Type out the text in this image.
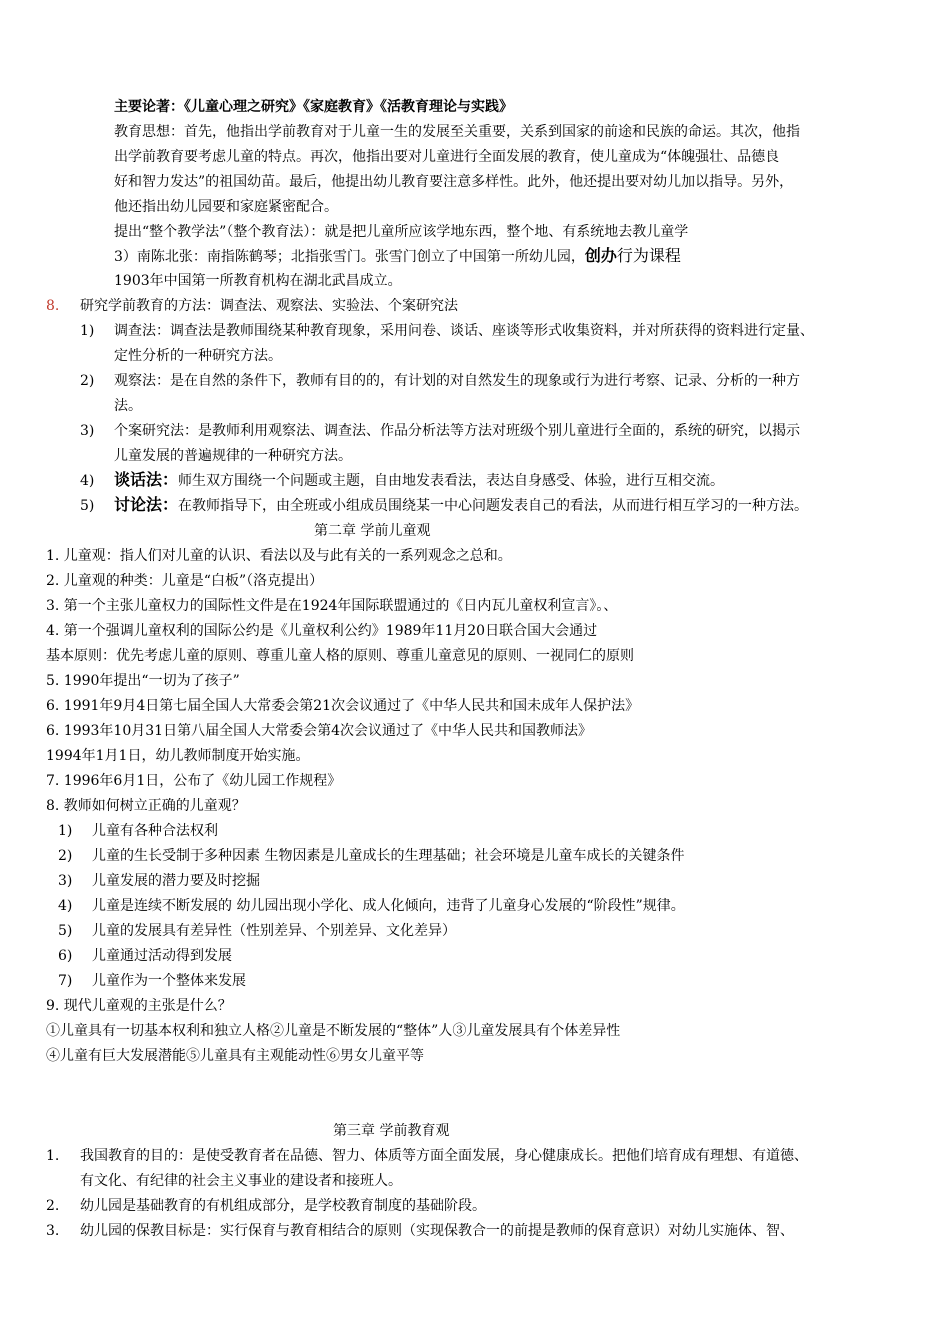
主要论著：《儿童心理之研究》《家庭教育》《活教育理论与实践》
教育思想：首先，他指出学前教育对于儿童一生的发展至关重要，关系到国家的前途和民族的命运。其次，他指
出学前教育要考虑儿童的特点。再次，他指出要对儿童进行全面发展的教育，使儿童成为“体魄强壮、品德良
好和智力发达”的祖国幼苗。最后，他提出幼儿教育要注意多样性。此外，他还提出要对幼儿加以指导。另外，
他还指出幼儿园要和家庭紧密配合。
提出“整个教学法”（整个教育法）：就是把儿童所应该学地东西，整个地、有系统地去教儿童学
3）南陈北张：南指陈鹤琴；北指张雪门。张雪门创立了中国第一所幼儿园，创办行为课程
1903年中国第一所教育机构在湖北武昌成立。
8. 研究学前教育的方法：调查法、观察法、实验法、个案研究法
1) 调查法：调查法是教师围绕某种教育现象，采用问卷、谈话、座谈等形式收集资料，并对所获得的资料进行定量、
定性分析的一种研究方法。
2) 观察法：是在自然的条件下，教师有目的的，有计划的对自然发生的现象或行为进行考察、记录、分析的一种方
法。
3) 个案研究法：是教师利用观察法、调查法、作品分析法等方法对班级个别儿童进行全面的，系统的研究，以揭示
儿童发展的普遍规律的一种研究方法。
4) 谈话法：师生双方围绕一个问题或主题，自由地发表看法，表达自身感受、体验，进行互相交流。
5) 讨论法：在教师指导下，由全班或小组成员围绕某一中心问题发表自己的看法，从而进行相互学习的一种方法。
第二章 学前儿童观
1. 儿童观：指人们对儿童的认识、看法以及与此有关的一系列观念之总和。
2. 儿童观的种类：儿童是“白板”（洛克提出）
3. 第一个主张儿童权力的国际性文件是在1924年国际联盟通过的《日内瓦儿童权利宣言》。、
4. 第一个强调儿童权利的国际公约是《儿童权利公约》1989年11月20日联合国大会通过
基本原则：优先考虑儿童的原则、尊重儿童人格的原则、尊重儿童意见的原则、一视同仁的原则
5. 1990年提出“一切为了孩子”
6. 1991年9月4日第七届全国人大常委会第21次会议通过了《中华人民共和国未成年人保护法》
6. 1993年10月31日第八届全国人大常委会第4次会议通过了《中华人民共和国教师法》
1994年1月1日，幼儿教师制度开始实施。
7. 1996年6月1日，公布了《幼儿园工作规程》
8. 教师如何树立正确的儿童观？
1) 儿童有各种合法权利
2) 儿童的生长受制于多种因素 生物因素是儿童成长的生理基础；社会环境是儿童车成长的关键条件
3) 儿童发展的潜力要及时挖掘
4) 儿童是连续不断发展的 幼儿园出现小学化、成人化倾向，违背了儿童身心发展的“阶段性”规律。
5) 儿童的发展具有差异性（性别差异、个别差异、文化差异）
6) 儿童通过活动得到发展
7) 儿童作为一个整体来发展
9. 现代儿童观的主张是什么？
①儿童具有一切基本权利和独立人格②儿童是不断发展的“整体”人③儿童发展具有个体差异性
④儿童有巨大发展潜能⑤儿童具有主观能动性⑥男女儿童平等
第三章 学前教育观
1. 我国教育的目的：是使受教育者在品德、智力、体质等方面全面发展，身心健康成长。把他们培育成有理想、有道德、
有文化、有纪律的社会主义事业的建设者和接班人。
2. 幼儿园是基础教育的有机组成部分，是学校教育制度的基础阶段。
3. 幼儿园的保教目标是：实行保育与教育相结合的原则（实现保教合一的前提是教师的保育意识）对幼儿实施体、智、
